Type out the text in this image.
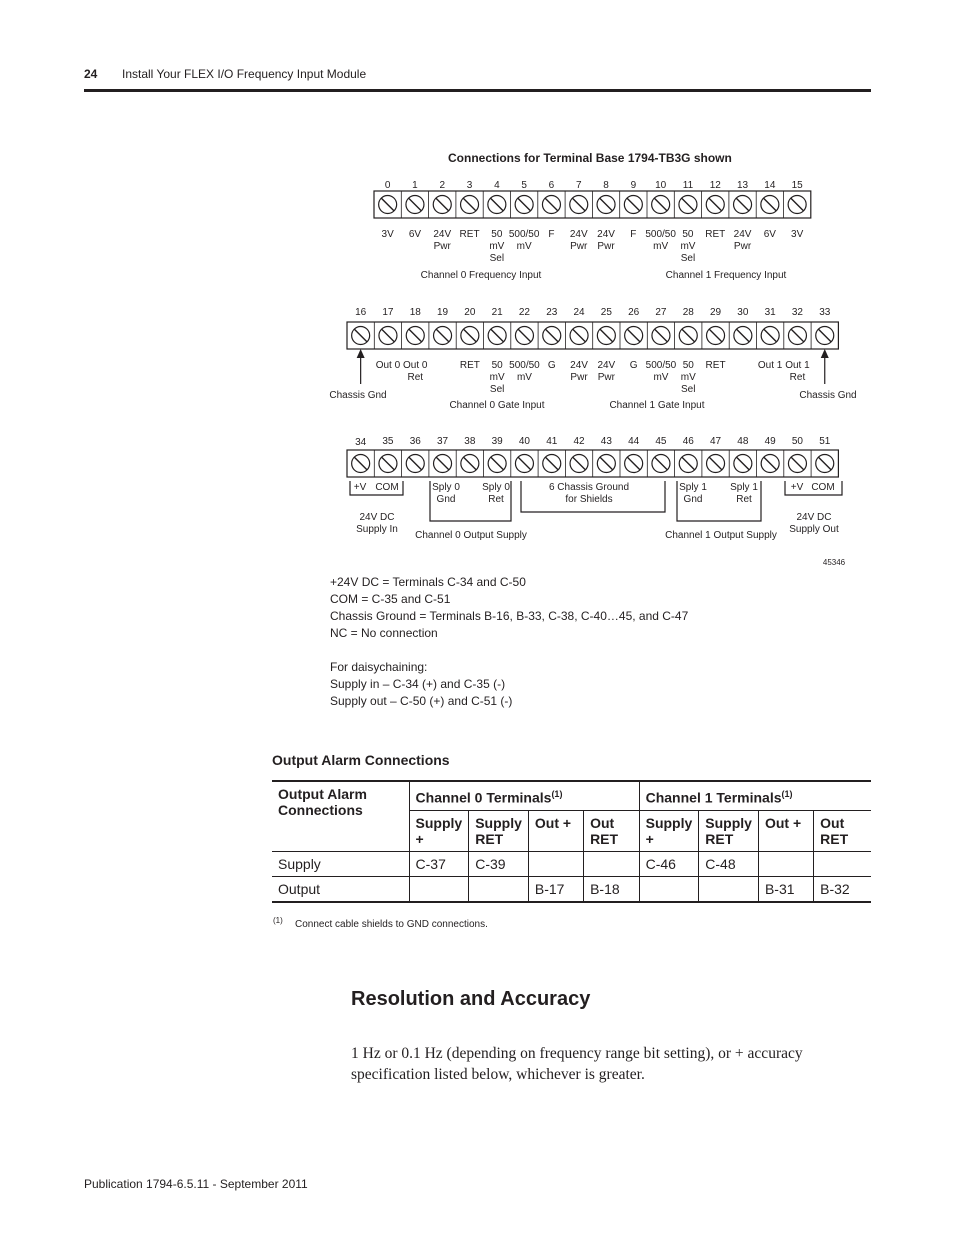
24 Install Your FLEX I/O Frequency Input Module
Connections for Terminal Base 1794-TB3G shown
0 1 2 3 4 5 6 7 8 9 10 11 12 13 14 15
3V 6V 24V
Pwr
RET 50
mV
Sel
500/50
mV
F 24V
Pwr
24V
Pwr
F 500/50
mV
50
mV
Sel
RET 24V
Pwr
6V 3V
Channel 0 Frequency Input	Channel 1 Frequency Input
16 17 18 19 20 21 22 23 24 25 26 27 28 29 30 31 32 33
Out 0 Out 0
Ret
RET 50
mV
Sel
500/50
mV
G 24V
Pwr
24V
Pwr
G 500/50
mV
50
mV
Sel
RET	Out 1 Out 1
Ret
Chassis Gnd	Chassis Gnd
Channel 0 Gate Input	Channel 1 Gate Input
34 35 36 37 38 39 40 41 42 43 44 45 46 47 48 49 50 51
+V COM
24V DC
Supply In
Sply 0
Gnd
Sply 0
Ret
Channel 0 Output Supply
6 Chassis Ground
for Shields
Sply 1
Gnd
Sply 1
Ret
Channel 1 Output Supply
+V COM
24V DC
Supply Out
45346
+24V DC = Terminals C-34 and C-50
COM = C-35 and C-51
Chassis Ground = Terminals B-16, B-33, C-38, C-40…45, and C-47
NC = No connection
For daisychaining:
Supply in – C-34 (+) and C-35 (-)
Supply out – C-50 (+) and C-51 (-)
Output Alarm Connections
Output Alarm Connections	Channel 0 Terminals$^{(1)}$				Channel 1 Terminals$^{(1)}$
	Supply +	Supply RET	Out +	Out RET	Supply +	Supply RET	Out +	Out RET
Supply	C-37	C-39			C-46	C-48		
Output			B-17	B-18			B-31	B-32
(1) Connect cable shields to GND connections.
Resolution and Accuracy
1 Hz or 0.1 Hz (depending on frequency range bit setting), or + accuracy specification listed below, whichever is greater.
Publication 1794-6.5.11 - September 2011
